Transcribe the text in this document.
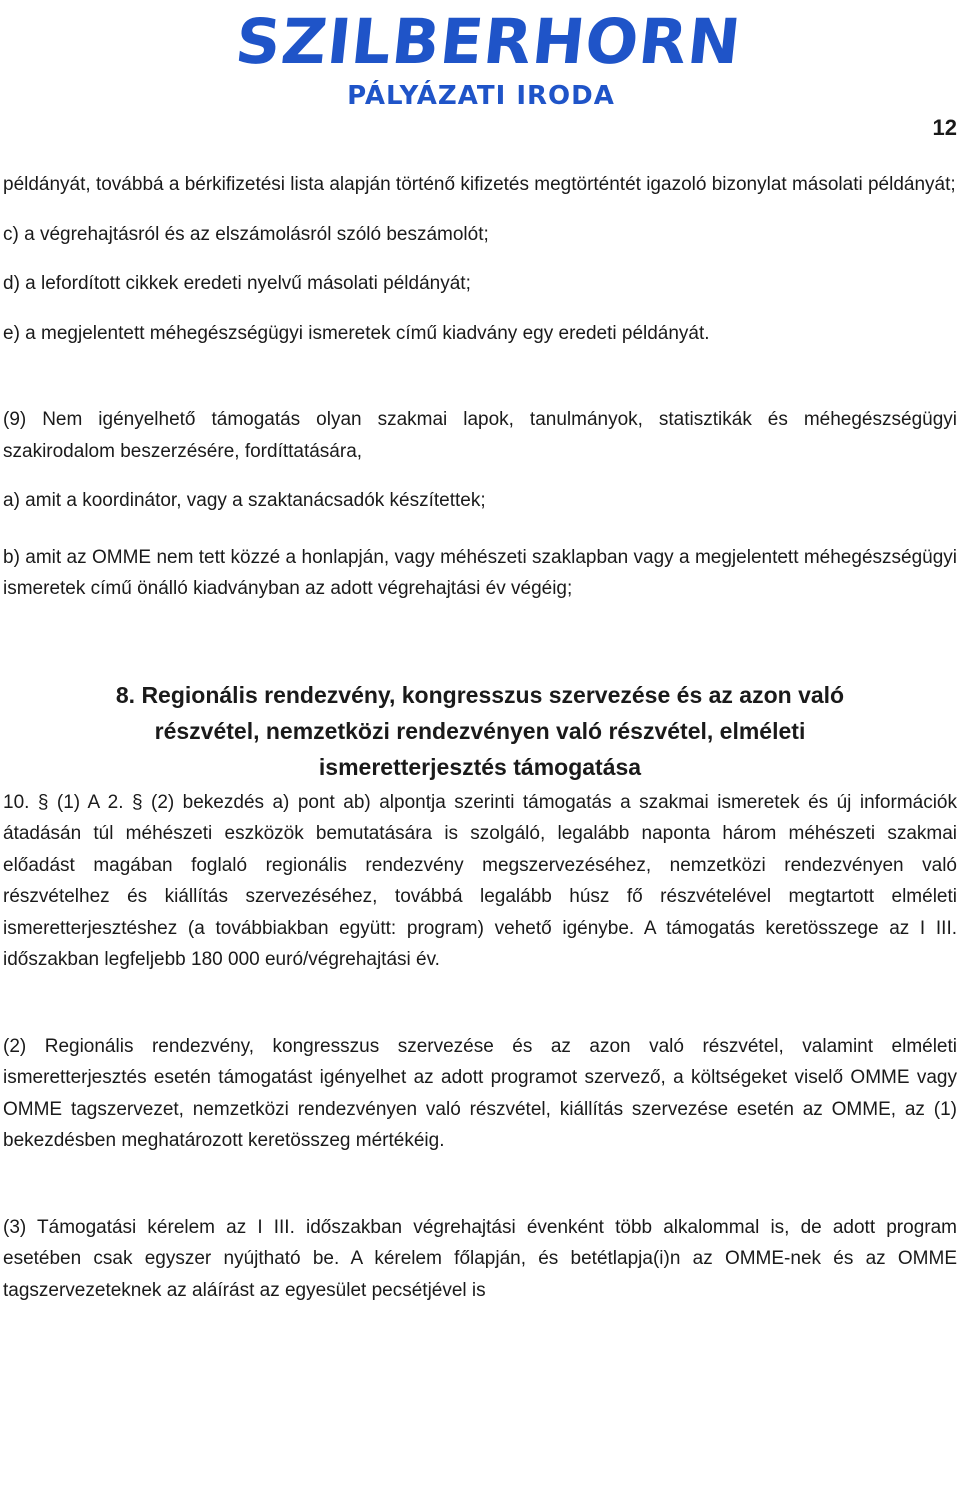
SZILBERHORN
PÁLYÁZATI IRODA
12

példányát, továbbá a bérkifizetési lista alapján történő kifizetés megtörténtét igazoló bizonylat másolati példányát;

c) a végrehajtásról és az elszámolásról szóló beszámolót;

d) a lefordított cikkek eredeti nyelvű másolati példányát;

e) a megjelentett méhegészségügyi ismeretek című kiadvány egy eredeti példányát.

(9) Nem igényelhető támogatás olyan szakmai lapok, tanulmányok, statisztikák és méhegészségügyi szakirodalom beszerzésére, fordíttatására,

a) amit a koordinátor, vagy a szaktanácsadók készítettek;

b) amit az OMME nem tett közzé a honlapján, vagy méhészeti szaklapban vagy a megjelentett méhegészségügyi ismeretek című önálló kiadványban az adott végrehajtási év végéig;

8. Regionális rendezvény, kongresszus szervezése és az azon való részvétel, nemzetközi rendezvényen való részvétel, elméleti ismeretterjesztés támogatása

10. § (1) A 2. § (2) bekezdés a) pont ab) alpontja szerinti támogatás a szakmai ismeretek és új információk átadásán túl méhészeti eszközök bemutatására is szolgáló, legalább naponta három méhészeti szakmai előadást magában foglaló regionális rendezvény megszervezéséhez, nemzetközi rendezvényen való részvételhez és kiállítás szervezéséhez, továbbá legalább húsz fő részvételével megtartott elméleti ismeretterjesztéshez (a továbbiakban együtt: program) vehető igénybe. A támogatás keretösszege az I III. időszakban legfeljebb 180 000 euró/végrehajtási év.

(2) Regionális rendezvény, kongresszus szervezése és az azon való részvétel, valamint elméleti ismeretterjesztés esetén támogatást igényelhet az adott programot szervező, a költségeket viselő OMME vagy OMME tagszervezet, nemzetközi rendezvényen való részvétel, kiállítás szervezése esetén az OMME, az (1) bekezdésben meghatározott keretösszeg mértékéig.

(3) Támogatási kérelem az I III. időszakban végrehajtási évenként több alkalommal is, de adott program esetében csak egyszer nyújtható be. A kérelem főlapján, és betétlapja(i)n az OMME-nek és az OMME tagszervezeteknek az aláírást az egyesület pecsétjével is
